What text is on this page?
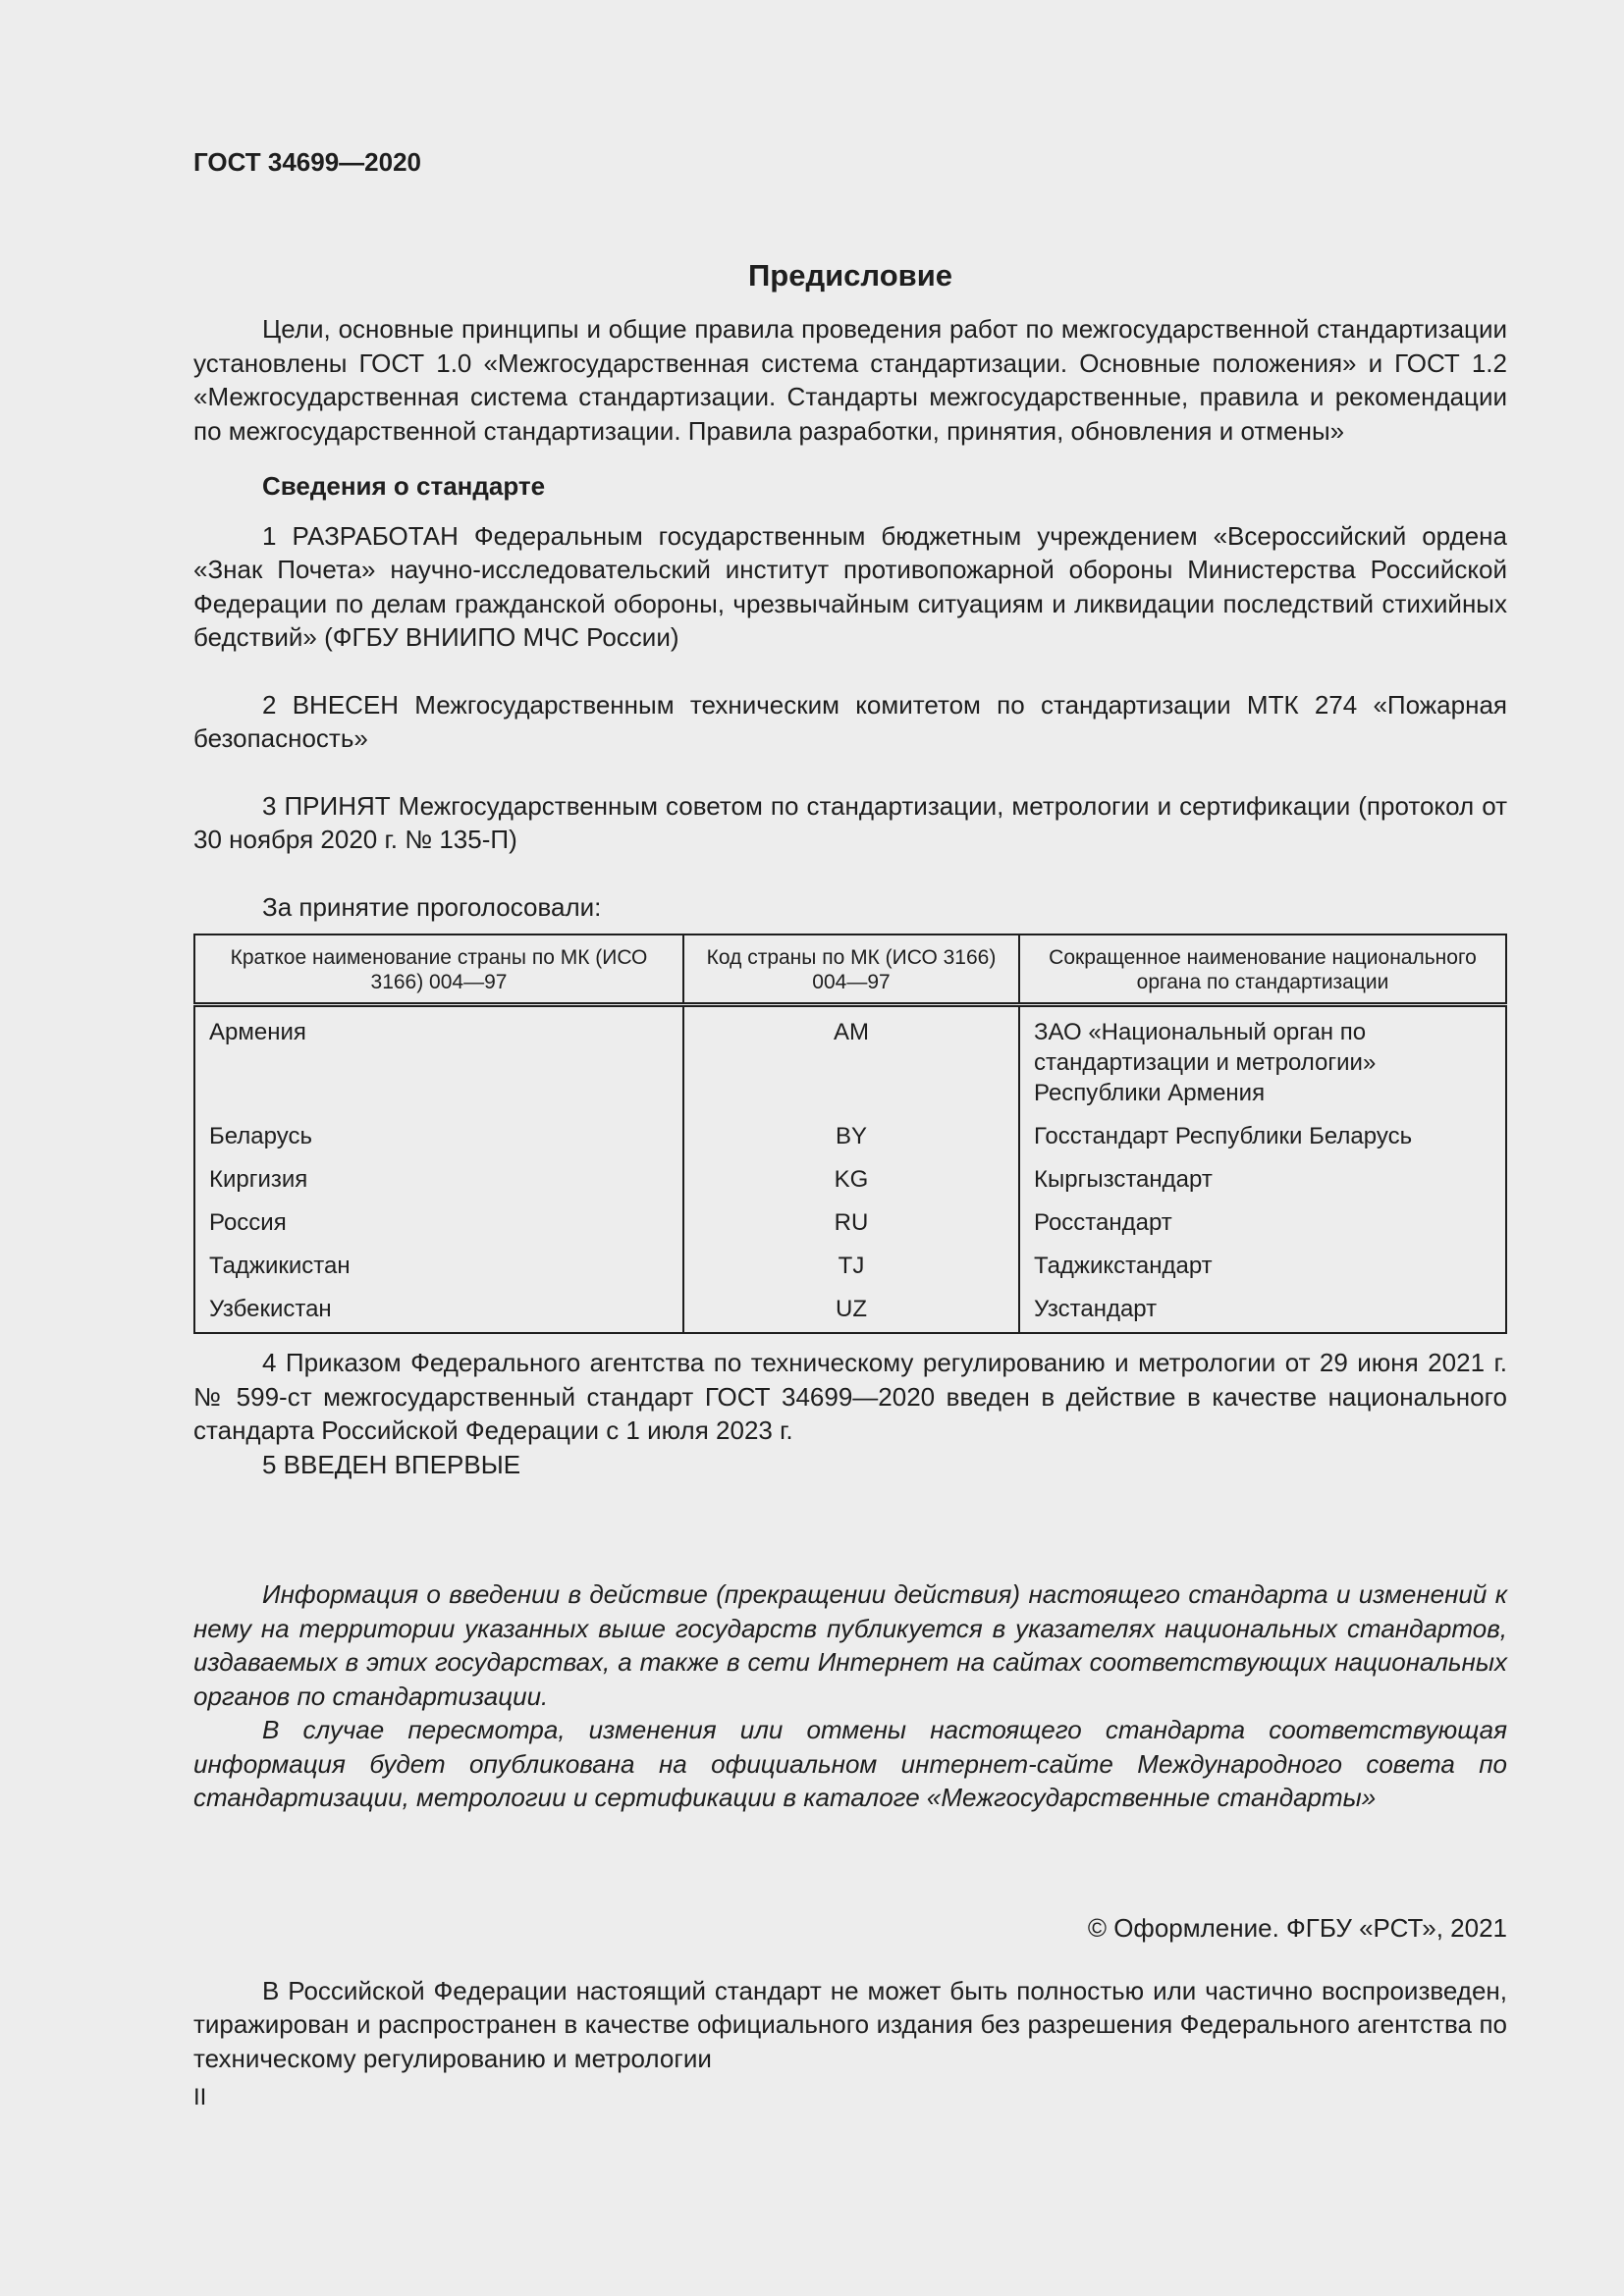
ГОСТ 34699—2020
Предисловие

Цели, основные принципы и общие правила проведения работ по межгосударственной стандартизации установлены ГОСТ 1.0 «Межгосударственная система стандартизации. Основные положения» и ГОСТ 1.2 «Межгосударственная система стандартизации. Стандарты межгосударственные, правила и рекомендации по межгосударственной стандартизации. Правила разработки, принятия, обновления и отмены»

Сведения о стандарте

1 РАЗРАБОТАН Федеральным государственным бюджетным учреждением «Всероссийский ордена «Знак Почета» научно-исследовательский институт противопожарной обороны Министерства Российской Федерации по делам гражданской обороны, чрезвычайным ситуациям и ликвидации последствий стихийных бедствий» (ФГБУ ВНИИПО МЧС России)

2 ВНЕСЕН Межгосударственным техническим комитетом по стандартизации МТК 274 «Пожарная безопасность»

3 ПРИНЯТ Межгосударственным советом по стандартизации, метрологии и сертификации (протокол от 30 ноября 2020 г. № 135-П)

За принятие проголосовали:

Краткое наименование страны по МК (ИСО 3166) 004—97	Код страны по МК (ИСО 3166) 004—97	Сокращенное наименование национального органа по стандартизации
Армения	AM	ЗАО «Национальный орган по стандартизации и метрологии» Республики Армения
Беларусь	BY	Госстандарт Республики Беларусь
Киргизия	KG	Кыргызстандарт
Россия	RU	Росстандарт
Таджикистан	TJ	Таджикстандарт
Узбекистан	UZ	Узстандарт

4 Приказом Федерального агентства по техническому регулированию и метрологии от 29 июня 2021 г. № 599-ст межгосударственный стандарт ГОСТ 34699—2020 введен в действие в качестве национального стандарта Российской Федерации с 1 июля 2023 г.

5 ВВЕДЕН ВПЕРВЫЕ

Информация о введении в действие (прекращении действия) настоящего стандарта и изменений к нему на территории указанных выше государств публикуется в указателях национальных стандартов, издаваемых в этих государствах, а также в сети Интернет на сайтах соответствующих национальных органов по стандартизации.

В случае пересмотра, изменения или отмены настоящего стандарта соответствующая информация будет опубликована на официальном интернет-сайте Международного совета по стандартизации, метрологии и сертификации в каталоге «Межгосударственные стандарты»

© Оформление. ФГБУ «РСТ», 2021

В Российской Федерации настоящий стандарт не может быть полностью или частично воспроизведен, тиражирован и распространен в качестве официального издания без разрешения Федерального агентства по техническому регулированию и метрологии

II
